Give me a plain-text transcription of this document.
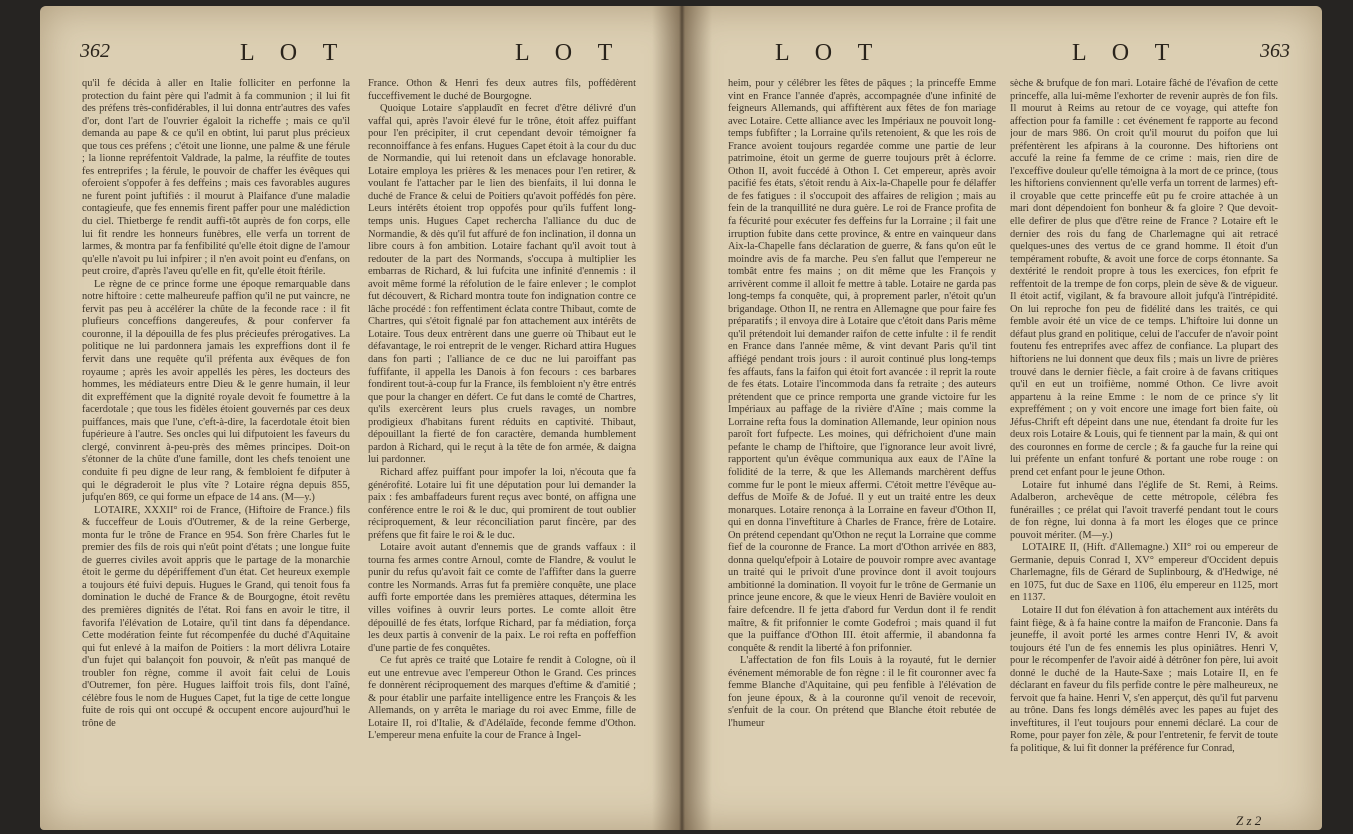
362	L O T	L O T

qu'il fe décida à aller en Italie folliciter en perfonne la protection du faint père qui l'admit à fa communion ; il lui fit des préfens très-confidérables, il lui donna entr'autres des vafes d'or, dont l'art de l'ouvrier égaloit la richeffe ; mais ce qu'il demanda au pape & ce qu'il en obtint, lui parut plus précieux que tous ces préfens ; c'étoit une lionne, une palme & une férule ; la lionne repréfentoit Valdrade, la palme, la réuffite de toutes fes entreprifes ; la férule, le pouvoir de chaffer les évêques qui oferoient s'oppofer à fes deffeins ; mais ces favorables augures ne furent point juftifiés : il mourut à Plaifance d'une maladie contagieufe, que fes ennemis firent paffer pour une malédiction du ciel. Thietberge fe rendit auffi-tôt auprès de fon corps, elle lui fit rendre les honneurs funèbres, elle verfa un torrent de larmes, & montra par fa fenfibilité qu'elle étoit digne de l'amour qu'elle n'avoit pu lui infpirer ; il n'en avoit point eu d'enfans, on peut croire, d'après l'aveu qu'elle en fit, qu'elle étoit ftérile.

Le règne de ce prince forme une époque remarquable dans notre hiftoire : cette malheureufe paffion qu'il ne put vaincre, ne fervit pas peu à accélérer la chûte de la feconde race : il fit plufieurs conceffions dangereufes, & pour conferver fa couronne, il la dépouilla de fes plus précieufes prérogatives. La politique ne lui pardonnera jamais les expreffions dont il fe fervit dans une requête qu'il préfenta aux évêques de fon royaume ; après les avoir appellés les pères, les docteurs des hommes, les médiateurs entre Dieu & le genre humain, il leur dit expreffément que la dignité royale devoit fe foumettre à la facerdotale ; que tous les fidèles étoient gouvernés par ces deux puiffances, mais que l'une, c'eft-à-dire, la facerdotale étoit bien fupérieure à l'autre. Ses oncles qui lui difputoient les faveurs du clergé, convinrent à-peu-près des mêmes principes. Doit-on s'étonner de la chûte d'une famille, dont les chefs tenoient une conduite fi peu digne de leur rang, & fembloient fe difputer à qui le dégraderoit le plus vîte ? Lotaire régna depuis 855, jufqu'en 869, ce qui forme un efpace de 14 ans. (M—y.)

LOTAIRE, XXXII° roi de France, (Hiftoire de France.) fils & fucceffeur de Louis d'Outremer, & de la reine Gerberge, monta fur le trône de France en 954. Son frère Charles fut le premier des fils de rois qui n'eût point d'états ; une longue fuite de guerres civiles avoit appris que le partage de la monarchie étoit le germe du dépériffement d'un état. Cet heureux exemple a toujours été fuivi depuis. Hugues le Grand, qui tenoit fous fa domination le duché de France & de Bourgogne, étoit revêtu des premières dignités de l'état. Roi fans en avoir le titre, il favorifa l'élévation de Lotaire, qu'il tint dans fa dépendance. Cette modération feinte fut récompenfée du duché d'Aquitaine qui fut enlevé à la maifon de Poitiers : la mort délivra Lotaire d'un fujet qui balançoit fon pouvoir, & n'eût pas manqué de troubler fon règne, comme il avoit fait celui de Louis d'Outremer, fon père. Hugues laiffoit trois fils, dont l'aîné, célèbre fous le nom de Hugues Capet, fut la tige de cette longue fuite de rois qui ont occupé & occupent encore aujourd'hui le trône de

France. Othon & Henri fes deux autres fils, poffédèrent fucceffivement le duché de Bourgogne.

Quoique Lotaire s'applaudît en fecret d'être délivré d'un vaffal qui, après l'avoir élevé fur le trône, étoit affez puiffant pour l'en précipiter, il crut cependant devoir témoigner fa reconnoiffance à fes enfans. Hugues Capet étoit à la cour du duc de Normandie, qui lui retenoit dans un efclavage honorable. Lotaire employa les prières & les menaces pour l'en retirer, & voulant fe l'attacher par le lien des bienfaits, il lui donna le duché de France & celui de Poitiers qu'avoit poffédés fon père. Leurs intérêts étoient trop oppofés pour qu'ils fuffent long-temps unis. Hugues Capet rechercha l'alliance du duc de Normandie, & dès qu'il fut affuré de fon inclination, il donna un libre cours à fon ambition. Lotaire fachant qu'il avoit tout à redouter de la part des Normands, s'occupa à multiplier les embarras de Richard, & lui fufcita une infinité d'ennemis : il avoit même formé la réfolution de le faire enlever ; le complot fut découvert, & Richard montra toute fon indignation contre ce lâche procédé : fon reffentiment éclata contre Thibaut, comte de Chartres, qui s'étoit fignalé par fon attachement aux intérêts de Lotaire. Tous deux entrèrent dans une guerre où Thibaut eut le défavantage, le roi entreprit de le venger. Richard attira Hugues dans fon parti ; l'alliance de ce duc ne lui paroiffant pas fuffifante, il appella les Danois à fon fecours : ces barbares fondirent tout-à-coup fur la France, ils fembloient n'y être entrés que pour la changer en défert. Ce fut dans le comté de Chartres, qu'ils exercèrent leurs plus cruels ravages, un nombre prodigieux d'habitans furent réduits en captivité. Thibaut, dépouillant la fierté de fon caractère, demanda humblement pardon à Richard, qui le reçut à la tête de fon armée, & daigna lui pardonner.

Richard affez puiffant pour impofer la loi, n'écouta que fa générofité. Lotaire lui fit une députation pour lui demander la paix : fes ambaffadeurs furent reçus avec bonté, on affigna une conférence entre le roi & le duc, qui promirent de tout oublier réciproquement, & leur réconciliation parut fincère, par des préfens que fit faire le roi & le duc.

Lotaire avoit autant d'ennemis que de grands vaffaux : il tourna fes armes contre Arnoul, comte de Flandre, & voulut le punir du refus qu'avoit fait ce comte de l'affifter dans la guerre contre les Normands. Arras fut fa première conquête, une place auffi forte emportée dans les premières attaques, détermina les villes voifines à ouvrir leurs portes. Le comte alloit être dépouillé de fes états, lorfque Richard, par fa médiation, força les deux partis à convenir de la paix. Le roi refta en poffeffion d'une partie de fes conquêtes.

Ce fut après ce traité que Lotaire fe rendit à Cologne, où il eut une entrevue avec l'empereur Othon le Grand. Ces princes fe donnèrent réciproquement des marques d'eftime & d'amitié ; & pour établir une parfaite intelligence entre les François & les Allemands, on y arrêta le mariage du roi avec Emme, fille de Lotaire II, roi d'Italie, & d'Adélaïde, feconde femme d'Othon. L'empereur mena enfuite la cour de France à Ingel-

L O T	L O T	363

heim, pour y célébrer les fêtes de pâques ; la princeffe Emme vint en France l'année d'après, accompagnée d'une infinité de feigneurs Allemands, qui affiftèrent aux fêtes de fon mariage avec Lotaire. Cette alliance avec les Impériaux ne pouvoit long-temps fubfifter ; la Lorraine qu'ils retenoient, & que les rois de France avoient toujours regardée comme une partie de leur patrimoine, étoit un germe de guerre toujours prêt à éclorre. Othon II, avoit fuccédé à Othon I. Cet empereur, après avoir pacifié fes états, s'étoit rendu à Aix-la-Chapelle pour fe délaffer de fes fatigues : il s'occupoit des affaires de religion ; mais au fein de la tranquillité ne dura guère. Le roi de France profita de fa fécurité pour exécuter fes deffeins fur la Lorraine ; il fait une irruption fubite dans cette province, & entre en vainqueur dans Aix-la-Chapelle fans déclaration de guerre, & fans qu'on eût le moindre avis de fa marche. Peu s'en fallut que l'empereur ne tombât entre fes mains ; on dit même que les François y arrivèrent comme il alloit fe mettre à table. Lotaire ne garda pas long-temps fa conquête, qui, à proprement parler, n'étoit qu'un brigandage. Othon II, ne rentra en Allemagne que pour faire fes préparatifs ; il envoya dire à Lotaire que c'étoit dans Paris même qu'il prétendoit lui demander raifon de cette infulte : il fe rendit en France dans l'année même, & vint devant Paris qu'il tint affiégé pendant trois jours : il auroit continué plus long-temps fes affauts, fans la faifon qui étoit fort avancée : il reprit la route de fes états. Lotaire l'incommoda dans fa retraite ; des auteurs prétendent que ce prince remporta une grande victoire fur les Impériaux au paffage de la rivière d'Aîne ; mais comme la Lorraine refta fous la domination Allemande, leur opinion nous paroît fort fufpecte. Les moines, qui défrichoient d'une main pefante le champ de l'hiftoire, que l'ignorance leur avoit livré, rapportent qu'un évêque communiqua aux eaux de l'Aîne la folidité de la terre, & que les Allemands marchèrent deffus comme fur le pont le mieux affermi. C'étoit mettre l'évêque au-deffus de Moïfe & de Jofué. Il y eut un traité entre les deux monarques. Lotaire renonça à la Lorraine en faveur d'Othon II, qui en donna l'inveftiture à Charles de France, frère de Lotaire. On prétend cependant qu'Othon ne reçut la Lorraine que comme fief de la couronne de France. La mort d'Othon arrivée en 883, donna quelqu'efpoir à Lotaire de pouvoir rompre avec avantage un traité qui le privoit d'une province dont il avoit toujours ambitionné la domination. Il voyoit fur le trône de Germanie un prince jeune encore, & que le vieux Henri de Bavière vouloit en faire defcendre. Il fe jetta d'abord fur Verdun dont il fe rendit maître, & fit prifonnier le comte Godefroi ; mais quand il fut que la puiffance d'Othon III. étoit affermie, il abandonna fa conquête & rendit la liberté à fon prifonnier.

L'affectation de fon fils Louis à la royauté, fut le dernier événement mémorable de fon règne : il le fit couronner avec fa femme Blanche d'Aquitaine, qui peu fenfible à l'élévation de fon jeune époux, & à la couronne qu'il venoit de recevoir, s'enfuit de la cour. On prétend que Blanche étoit rebutée de l'humeur

sèche & brufque de fon mari. Lotaire fâché de l'évafion de cette princeffe, alla lui-même l'exhorter de revenir auprès de fon fils. Il mourut à Reims au retour de ce voyage, qui attefte fon affection pour fa famille : cet événement fe rapporte au fecond jour de mars 986. On croit qu'il mourut du poifon que lui préfentèrent les afpirans à la couronne. Des hiftoriens ont accufé la reine fa femme de ce crime : mais, rien dire de l'exceffive douleur qu'elle témoigna à la mort de ce prince, (tous les hiftoriens conviennent qu'elle verfa un torrent de larmes) eft-il croyable que cette princeffe eût pu fe croire attachée à un mari dont dépendoient fon bonheur & fa gloire ? Que devoit-elle defirer de plus que d'être reine de France ? Lotaire eft le dernier des rois du fang de Charlemagne qui ait retracé quelques-unes des vertus de ce grand homme. Il étoit d'un tempérament robufte, & avoit une force de corps étonnante. Sa dextérité le rendoit propre à tous les exercices, fon efprit fe reffentoit de la trempe de fon corps, plein de sève & de vigueur. Il étoit actif, vigilant, & fa bravoure alloit jufqu'à l'intrépidité. On lui reproche fon peu de fidélité dans les traités, ce qui femble avoir été un vice de ce temps. L'hiftoire lui donne un défaut plus grand en politique, celui de l'accufer de n'avoir point foutenu fes entreprifes avec affez de confiance. La plupart des hiftoriens ne lui donnent que deux fils ; mais un livre de prières trouvé dans le dernier fiècle, a fait croire à de favans critiques qu'il en eut un troifième, nommé Othon. Ce livre avoit appartenu à la reine Emme : le nom de ce prince s'y lit expreffément ; on y voit encore une image fort bien faite, où Jéfus-Chrift eft dépeint dans une nue, étendant fa droite fur les deux rois Lotaire & Louis, qui fe tiennent par la main, & qui ont des couronnes en forme de cercle ; & fa gauche fur la reine qui lui préfente un enfant tonfuré & portant une robe rouge : on prend cet enfant pour le jeune Othon.

Lotaire fut inhumé dans l'églife de St. Remi, à Reims. Adalberon, archevêque de cette métropole, célébra fes funérailles ; ce prélat qui l'avoit traverfé pendant tout le cours de fon règne, lui donna à fa mort les éloges que ce prince pouvoit mériter. (M—y.)

LOTAIRE II, (Hift. d'Allemagne.) XII° roi ou empereur de Germanie, depuis Conrad I, XV° empereur d'Occident depuis Charlemagne, fils de Gérard de Suplinbourg, & d'Hedwige, né en 1075, fut duc de Saxe en 1106, élu empereur en 1125, mort en 1137.

Lotaire II dut fon élévation à fon attachement aux intérêts du faint fiège, & à fa haine contre la maifon de Franconie. Dans fa jeuneffe, il avoit porté les armes contre Henri IV, & avoit toujours été l'un de fes ennemis les plus opiniâtres. Henri V, pour le récompenfer de l'avoir aidé à détrôner fon père, lui avoit donné le duché de la Haute-Saxe ; mais Lotaire II, en fe déclarant en faveur du fils perfide contre le père malheureux, ne fervoit que fa haine. Henri V, s'en apperçut, dès qu'il fut parvenu au trône. Dans fes longs démêlés avec les papes au fujet des inveftitures, il l'eut toujours pour ennemi déclaré. La cour de Rome, pour payer fon zèle, & pour l'entretenir, fe fervit de toute fa politique, & lui fit donner la préférence fur Conrad,

Z z 2
